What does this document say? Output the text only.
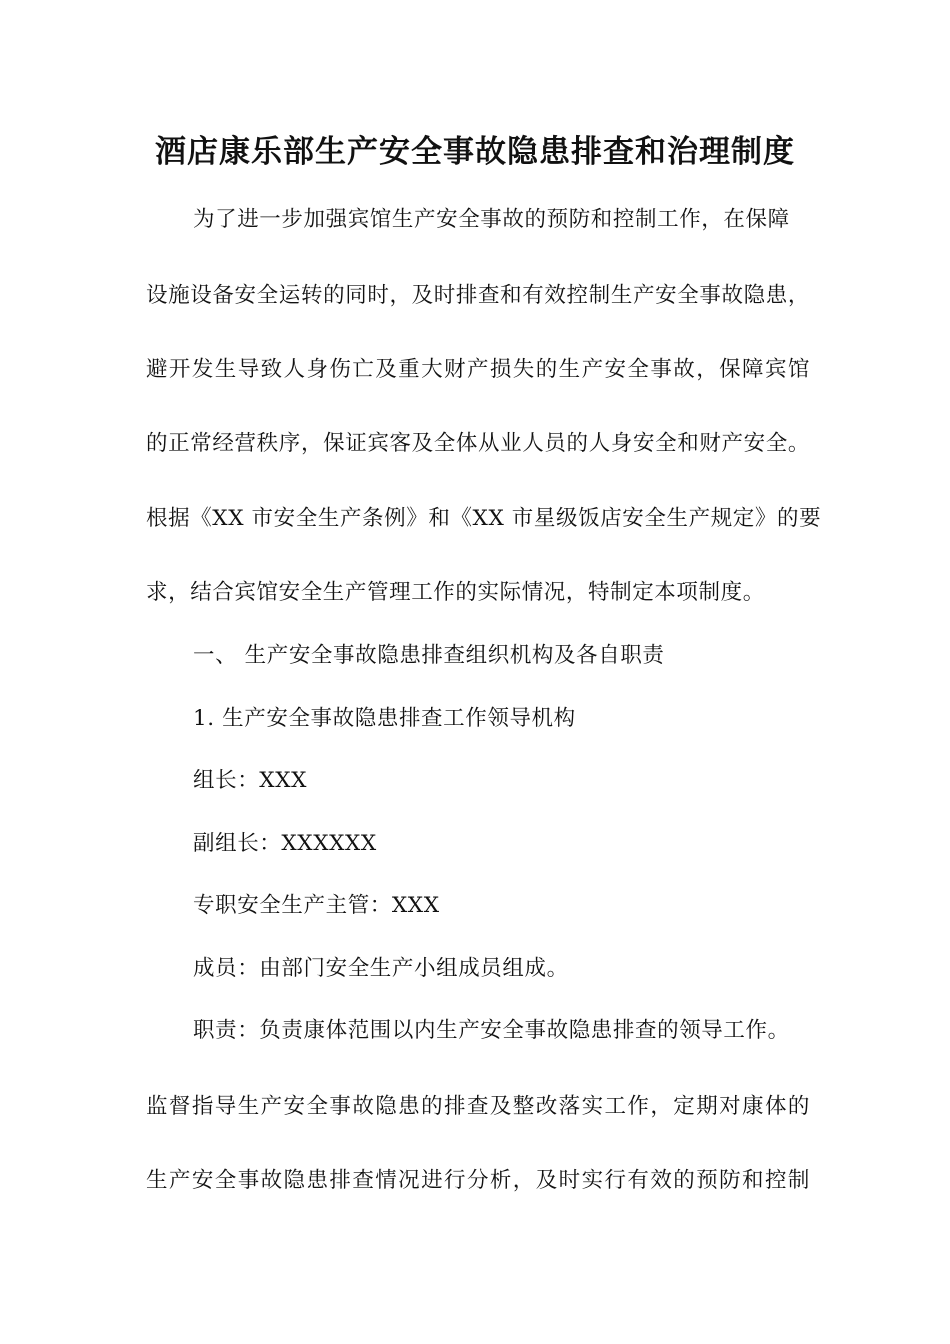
酒店康乐部生产安全事故隐患排查和治理制度
为了进一步加强宾馆生产安全事故的预防和控制工作，在保障
设施设备安全运转的同时，及时排查和有效控制生产安全事故隐患，
避开发生导致人身伤亡及重大财产损失的生产安全事故，保障宾馆
的正常经营秩序，保证宾客及全体从业人员的人身安全和财产安全。
根据《XX 市安全生产条例》和《XX 市星级饭店安全生产规定》的要
求，结合宾馆安全生产管理工作的实际情况，特制定本项制度。
一、 生产安全事故隐患排查组织机构及各自职责
1. 生产安全事故隐患排查工作领导机构
组长：XXX
副组长：XXXXXX
专职安全生产主管：XXX
成员：由部门安全生产小组成员组成。
职责：负责康体范围以内生产安全事故隐患排查的领导工作。
监督指导生产安全事故隐患的排查及整改落实工作，定期对康体的
生产安全事故隐患排查情况进行分析，及时实行有效的预防和控制
